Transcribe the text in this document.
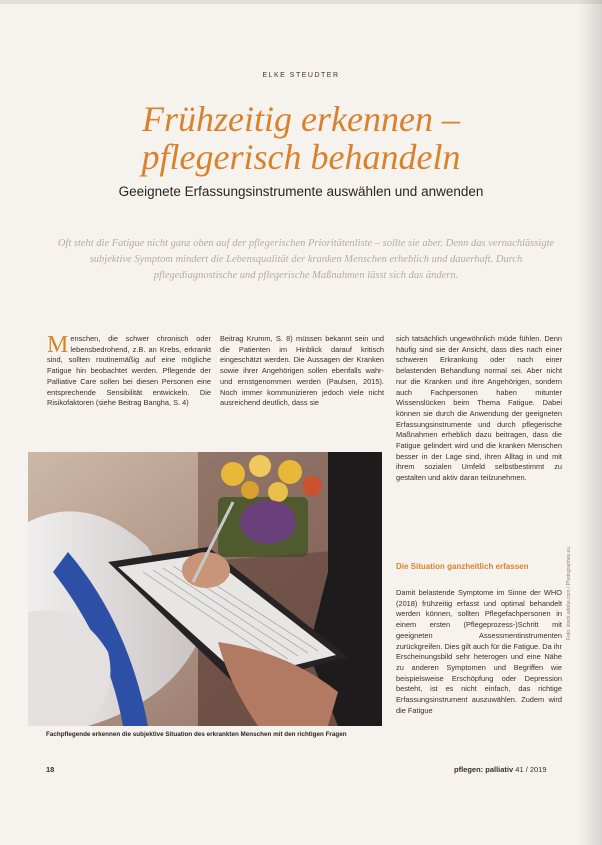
ELKE STEUDTER
Frühzeitig erkennen –
pflegerisch behandeln
Geeignete Erfassungsinstrumente auswählen und anwenden
Oft steht die Fatigue nicht ganz oben auf der pflegerischen Prioritätenliste – sollte sie aber. Denn das vernachlässigte subjektive Symptom mindert die Lebensqualität der kranken Menschen erheblich und dauerhaft. Durch pflegediagnostische und pflegerische Maßnahmen lässt sich das ändern.
Menschen, die schwer chronisch oder lebensbedrohend, z.B. an Krebs, erkrankt sind, sollten routinemäßig auf eine mögliche Fatigue hin beobachtet werden. Pflegende der Palliative Care sollen bei diesen Personen eine entsprechende Sensibilität entwickeln. Die Risikofaktoren (siehe Beitrag Bangha, S. 4)
Beitrag Krumm, S. 8) müssen bekannt sein und die Patienten im Hinblick darauf kritisch eingeschätzt werden. Die Aussagen der Kranken sowie ihrer Angehörigen sollen ebenfalls wahr- und ernstgenommen werden (Paulsen, 2015). Noch immer kommunizieren jedoch viele nicht ausreichend deutlich, dass sie
sich tatsächlich ungewöhnlich müde fühlen. Denn häufig sind sie der Ansicht, dass dies nach einer schweren Erkrankung oder nach einer belastenden Behandlung normal sei. Aber nicht nur die Kranken und ihre Angehörigen, sondern auch Fachpersonen haben mitunter Wissenslücken beim Thema Fatigue. Dabei können sie durch die Anwendung der geeigneten Erfassungsinstrumente und durch pflegerische Maßnahmen erheblich dazu beitragen, dass die Fatigue gelindert wird und die kranken Menschen besser in der Lage sind, ihren Alltag in und mit ihrem sozialen Umfeld selbstbestimmt zu gestalten und aktiv daran teilzunehmen.
Die Situation ganzheitlich erfassen
Damit belastende Symptome im Sinne der WHO (2018) frühzeitig erfasst und optimal behandelt werden können, sollten Pflegefachpersonen in einem ersten (Pflegeprozess-)Schritt mit geeigneten Assessmentinstrumenten zurückgreifen. Dies gilt auch für die Fatigue. Da ihr Erscheinungsbild sehr heterogen und eine Nähe zu anderen Symptomen und Begriffen wie beispielsweise Erschöpfung oder Depression besteht, ist es nicht einfach, das richtige Erfassungsinstrument auszuwählen. Zudem wird die Fatigue
Fachpflegende erkennen die subjektive Situation des erkrankten Menschen mit den richtigen Fragen
Foto: stock.adobe.com / Photographee.eu
18	pflegen: palliativ 41 / 2019
